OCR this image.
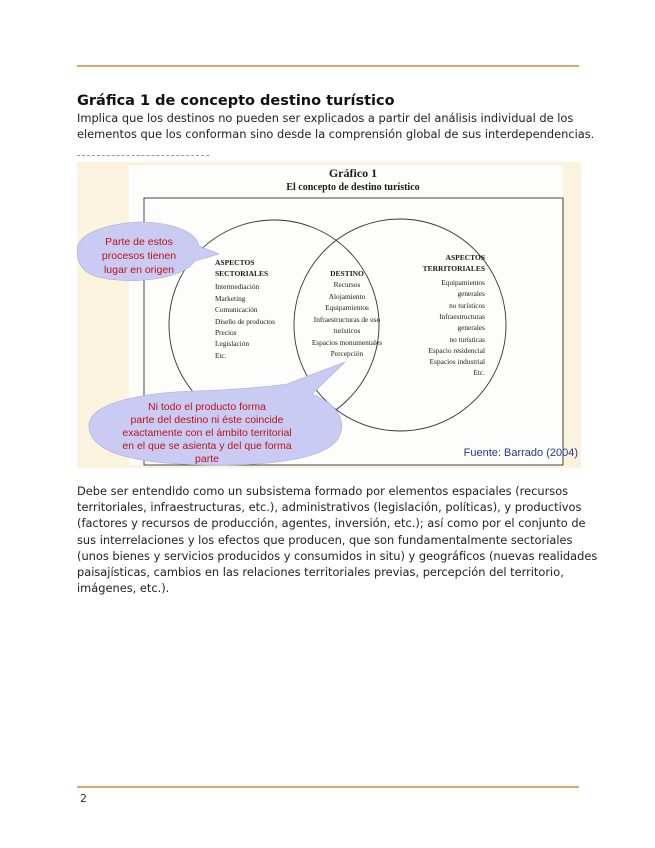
Gráfica 1 de concepto destino turístico
Implica que los destinos no pueden ser explicados a partir del análisis individual de los
elementos que los conforman sino desde la comprensión global de sus interdependencias.
Gráfico 1
El concepto de destino turístico
ASPECTOS
SECTORIALES
Intermediación
Marketing
Comunicación
Diseño de productos
Precios
Legislación
Etc.
DESTINO
Recursos
Alojamiento
Equipamientos
Infraestructuras de uso
turísticos
Espacios monumentales
Percepción
ASPECTOS
TERRITORIALES
Equipamientos
generales
no turísticos
Infraestructuras
generales
no turísticas
Espacio residencial
Espacios industrial
Etc.
Parte de estos
procesos tienen
lugar en origen
Ni todo el producto forma
parte del destino ni éste coincide
exactamente con el ámbito territorial
en el que se asienta y del que forma
parte	Fuente: Barrado (2004)
Debe ser entendido como un subsistema formado por elementos espaciales (recursos
territoriales, infraestructuras, etc.), administrativos (legislación, políticas), y productivos
(factores y recursos de producción, agentes, inversión, etc.); así como por el conjunto de
sus interrelaciones y los efectos que producen, que son fundamentalmente sectoriales
(unos bienes y servicios producidos y consumidos in situ) y geográficos (nuevas realidades
paisajísticas, cambios en las relaciones territoriales previas, percepción del territorio,
imágenes, etc.).
2
